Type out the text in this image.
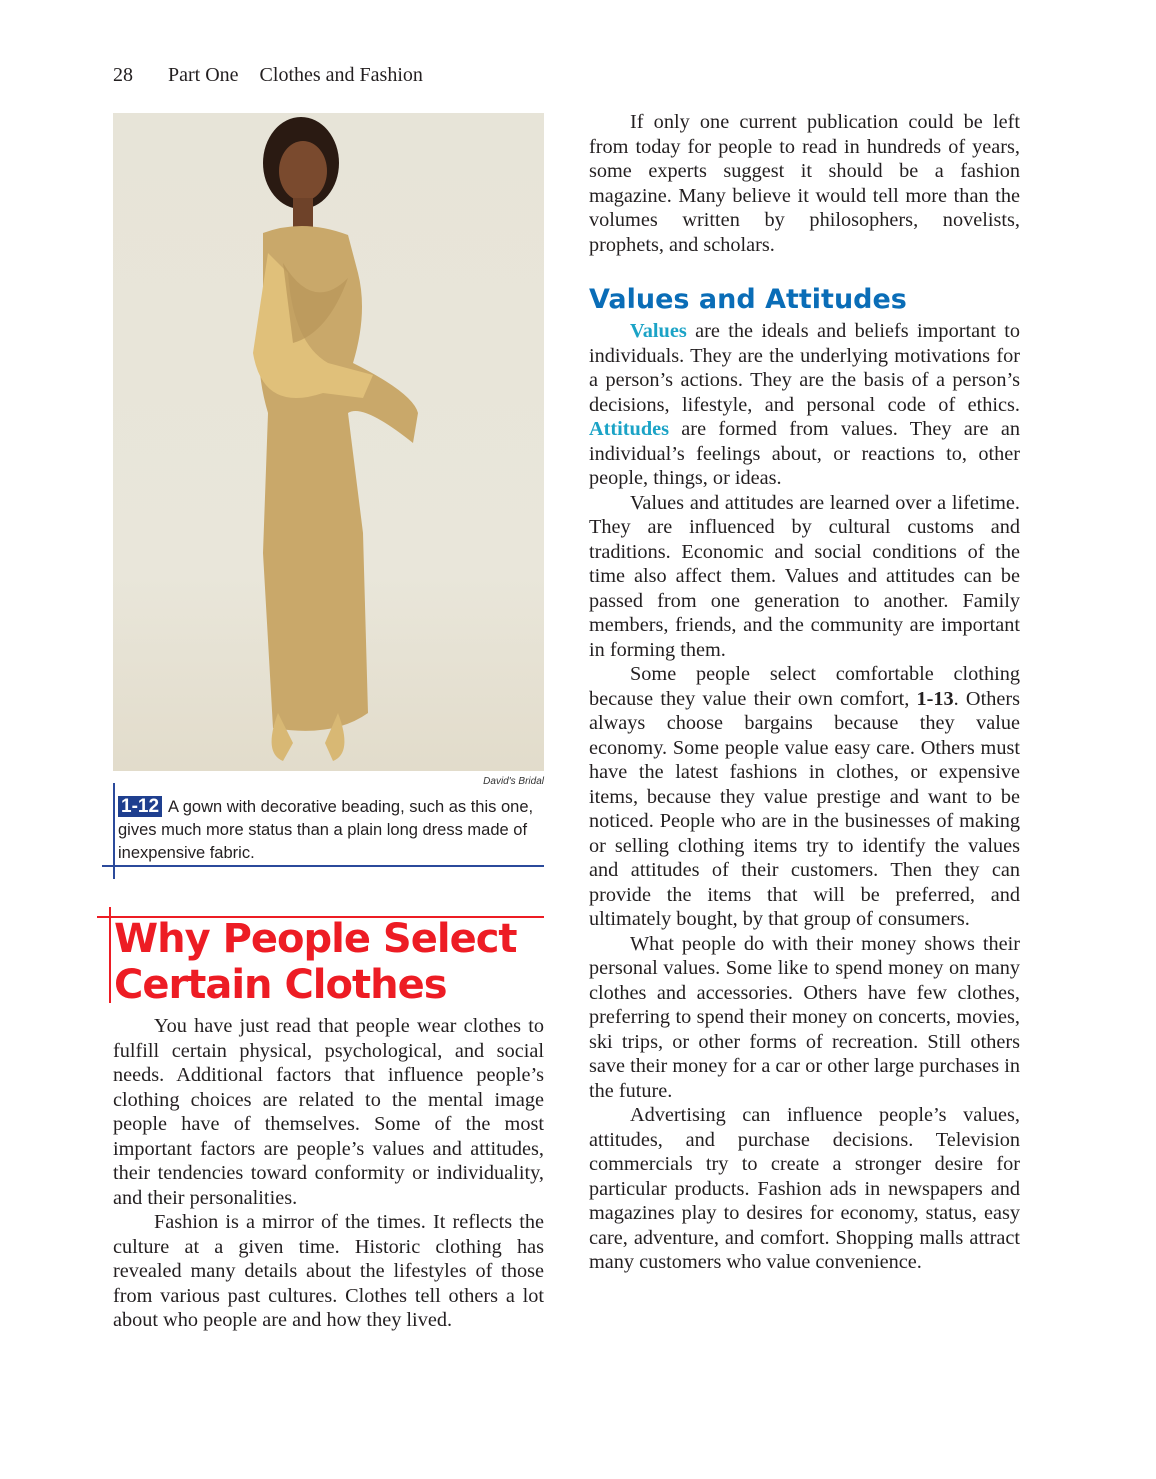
28 Part One Clothes and Fashion
David's Bridal
1-12 A gown with decorative beading, such as this one, gives much more status than a plain long dress made of inexpensive fabric.
Why People Select Certain Clothes

You have just read that people wear clothes to fulfill certain physical, psychological, and social needs. Additional factors that influence people’s clothing choices are related to the mental image people have of themselves. Some of the most important factors are people’s values and attitudes, their tendencies toward conformity or individuality, and their personalities.

Fashion is a mirror of the times. It reflects the culture at a given time. Historic clothing has revealed many details about the lifestyles of those from various past cultures. Clothes tell others a lot about who people are and how they lived.

If only one current publication could be left from today for people to read in hundreds of years, some experts suggest it should be a fashion magazine. Many believe it would tell more than the volumes written by philosophers, novelists, prophets, and scholars.

Values and Attitudes

Values are the ideals and beliefs important to individuals. They are the underlying motivations for a person’s actions. They are the basis of a person’s decisions, lifestyle, and personal code of ethics. Attitudes are formed from values. They are an individual’s feelings about, or reactions to, other people, things, or ideas.

Values and attitudes are learned over a lifetime. They are influenced by cultural customs and traditions. Economic and social conditions of the time also affect them. Values and attitudes can be passed from one generation to another. Family members, friends, and the community are important in forming them.

Some people select comfortable clothing because they value their own comfort, 1-13. Others always choose bargains because they value economy. Some people value easy care. Others must have the latest fashions in clothes, or expensive items, because they value prestige and want to be noticed. People who are in the businesses of making or selling clothing items try to identify the values and attitudes of their customers. Then they can provide the items that will be preferred, and ultimately bought, by that group of consumers.

What people do with their money shows their personal values. Some like to spend money on many clothes and accessories. Others have few clothes, preferring to spend their money on concerts, movies, ski trips, or other forms of recreation. Still others save their money for a car or other large purchases in the future.

Advertising can influence people’s values, attitudes, and purchase decisions. Television commercials try to create a stronger desire for particular products. Fashion ads in newspapers and magazines play to desires for economy, status, easy care, adventure, and comfort. Shopping malls attract many customers who value convenience.
